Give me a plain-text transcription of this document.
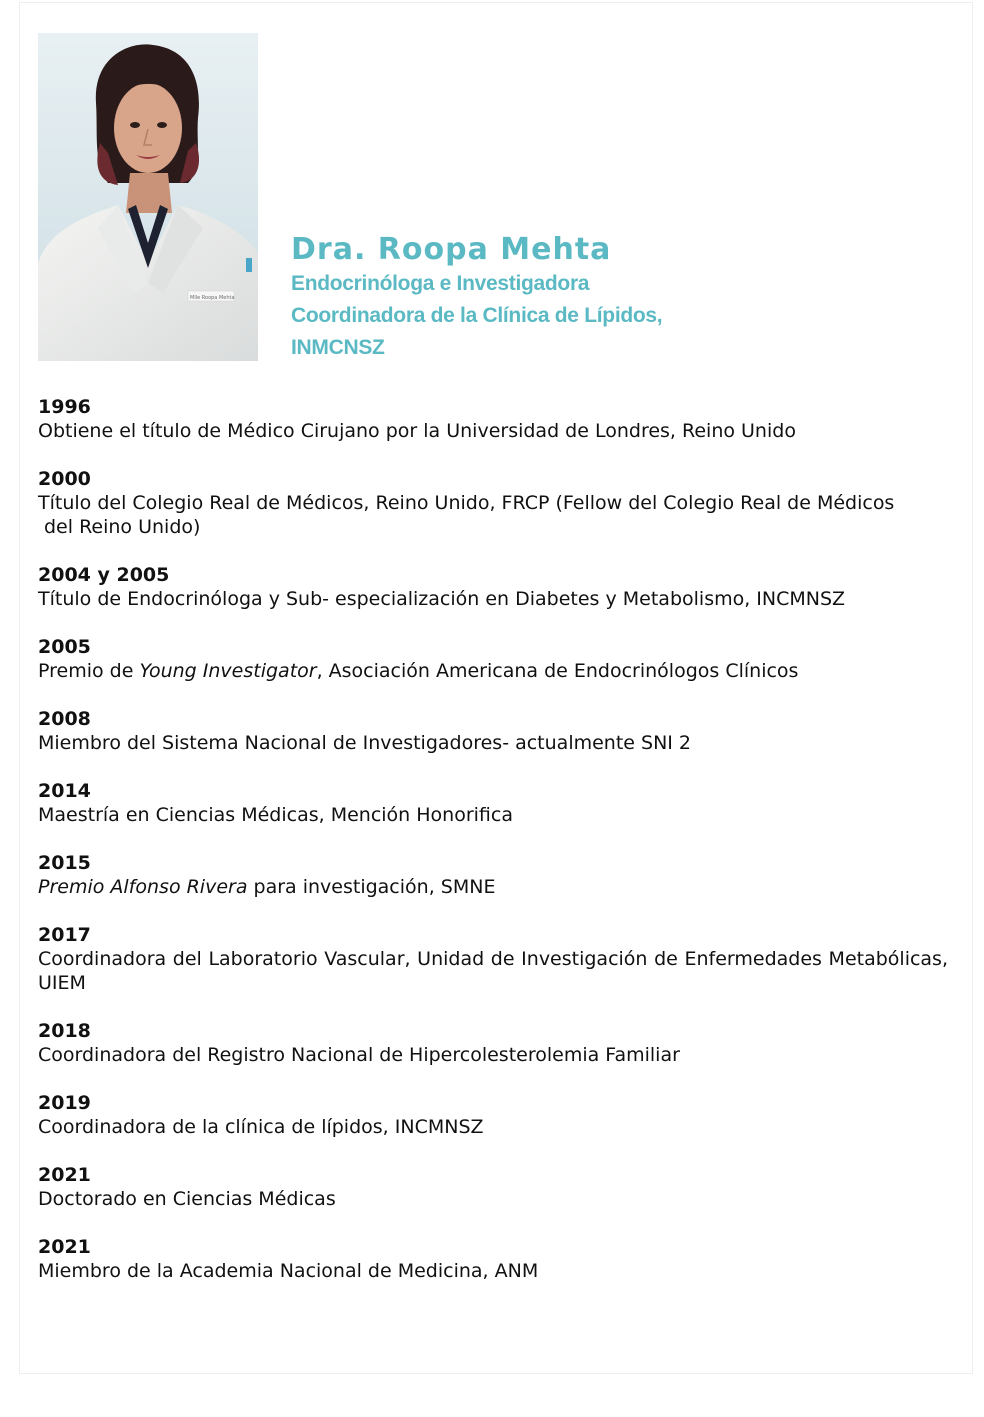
Mlle Roopa Mehta
Dra. Roopa Mehta
Endocrinóloga e Investigadora
Coordinadora de la Clínica de Lípidos,
INMCNSZ
1996
Obtiene el título de Médico Cirujano por la Universidad de Londres, Reino Unido
2000
Título del Colegio Real de Médicos, Reino Unido, FRCP (Fellow del Colegio Real de Médicos
del Reino Unido)
2004 y 2005
Título de Endocrinóloga y Sub- especialización en Diabetes y Metabolismo, INCMNSZ
2005
Premio de Young Investigator, Asociación Americana de Endocrinólogos Clínicos
2008
Miembro del Sistema Nacional de Investigadores- actualmente SNI 2
2014
Maestría en Ciencias Médicas, Mención Honorifica
2015
Premio Alfonso Rivera para investigación, SMNE
2017
Coordinadora del Laboratorio Vascular, Unidad de Investigación de Enfermedades Metabólicas, UIEM
2018
Coordinadora del Registro Nacional de Hipercolesterolemia Familiar
2019
Coordinadora de la clínica de lípidos, INCMNSZ
2021
Doctorado en Ciencias Médicas
2021
Miembro de la Academia Nacional de Medicina, ANM
